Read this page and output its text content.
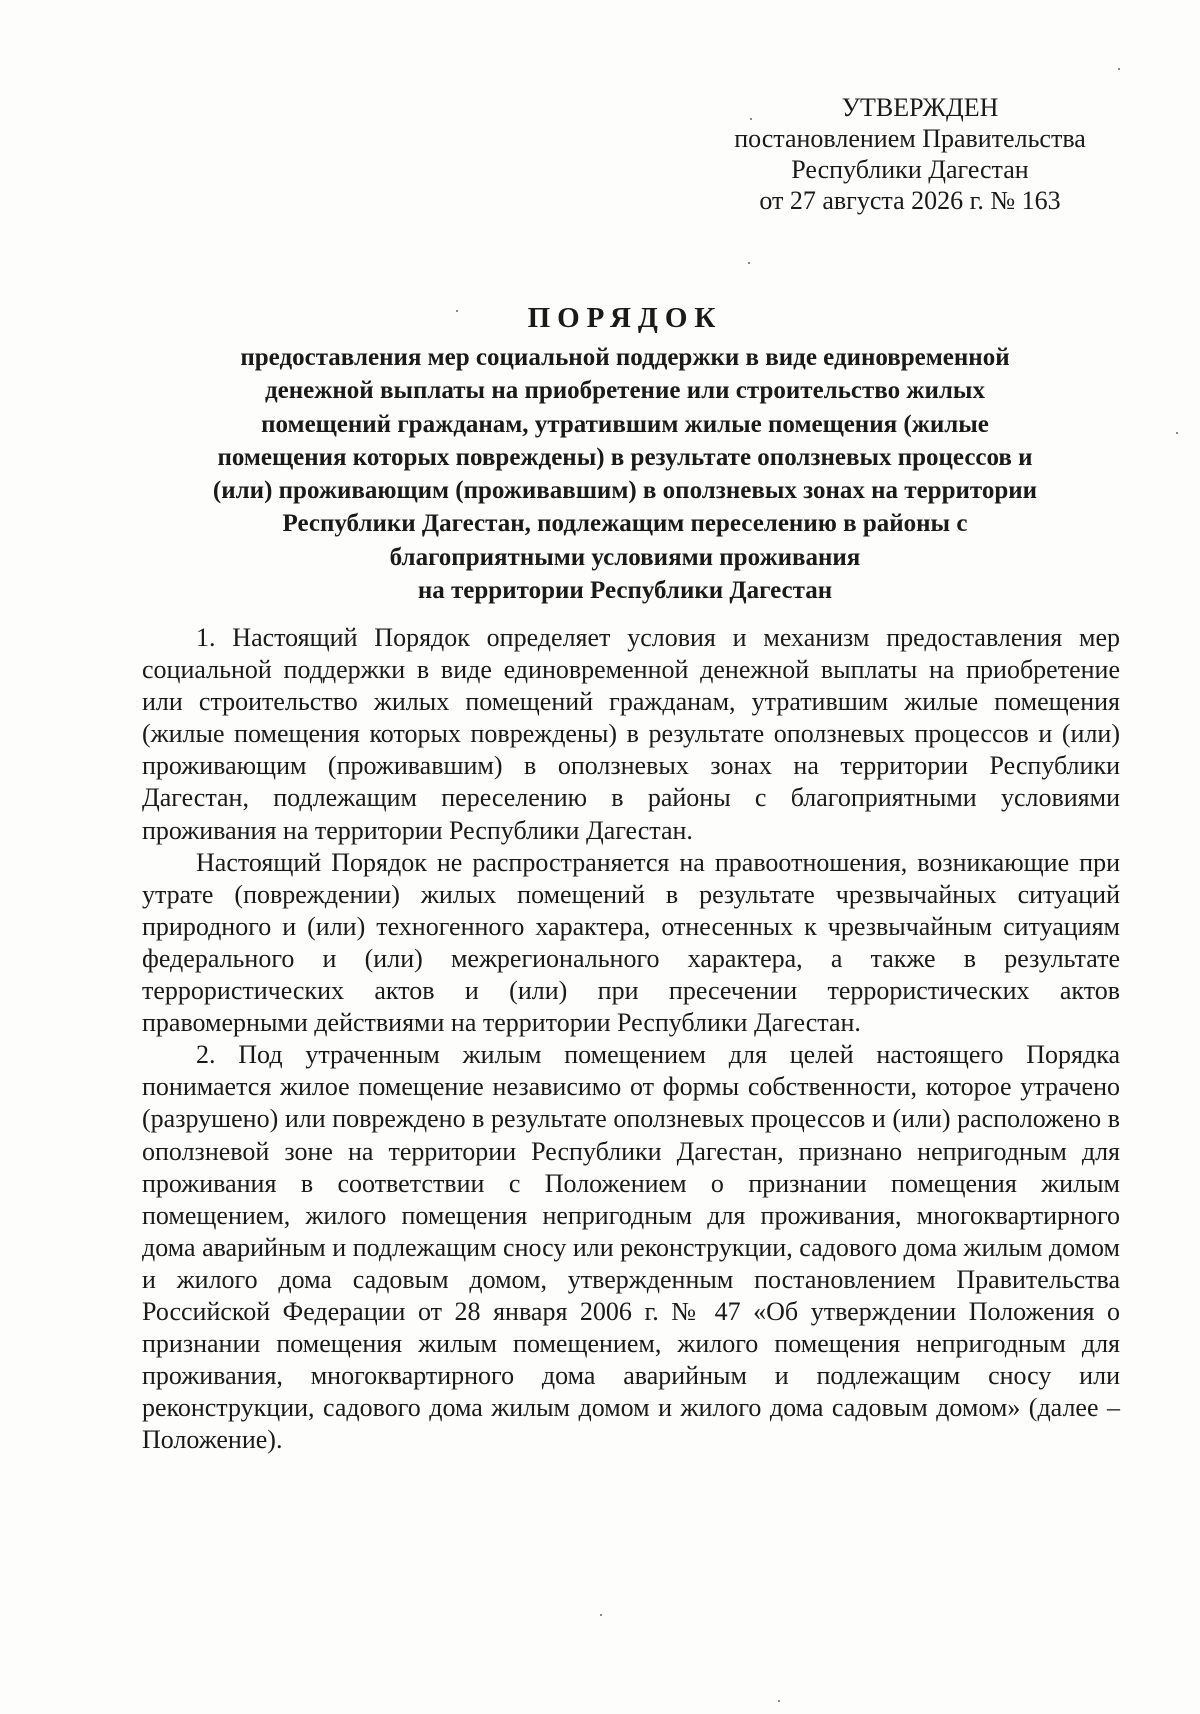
УТВЕРЖДЕН
постановлением Правительства
Республики Дагестан
от 27 августа 2026 г. № 163
ПОРЯДОК
предоставления мер социальной поддержки в виде единовременной
денежной выплаты на приобретение или строительство жилых
помещений гражданам, утратившим жилые помещения (жилые
помещения которых повреждены) в результате оползневых процессов и
(или) проживающим (проживавшим) в оползневых зонах на территории
Республики Дагестан, подлежащим переселению в районы с
благоприятными условиями проживания
на территории Республики Дагестан

1. Настоящий Порядок определяет условия и механизм предоставления мер социальной поддержки в виде единовременной денежной выплаты на приобретение или строительство жилых помещений гражданам, утратившим жилые помещения (жилые помещения которых повреждены) в результате оползневых процессов и (или) проживающим (проживавшим) в оползневых зонах на территории Республики Дагестан, подлежащим переселению в районы с благоприятными условиями проживания на территории Республики Дагестан.

Настоящий Порядок не распространяется на правоотношения, возникающие при утрате (повреждении) жилых помещений в результате чрезвычайных ситуаций природного и (или) техногенного характера, отнесенных к чрезвычайным ситуациям федерального и (или) межрегионального характера, а также в результате террористических актов и (или) при пресечении террористических актов правомерными действиями на территории Республики Дагестан.

2. Под утраченным жилым помещением для целей настоящего Порядка понимается жилое помещение независимо от формы собственности, которое утрачено (разрушено) или повреждено в результате оползневых процессов и (или) расположено в оползневой зоне на территории Республики Дагестан, признано непригодным для проживания в соответствии с Положением о признании помещения жилым помещением, жилого помещения непригодным для проживания, многоквартирного дома аварийным и подлежащим сносу или реконструкции, садового дома жилым домом и жилого дома садовым домом, утвержденным постановлением Правительства Российской Федерации от 28 января 2006 г. № 47 «Об утверждении Положения о признании помещения жилым помещением, жилого помещения непригодным для проживания, многоквартирного дома аварийным и подлежащим сносу или реконструкции, садового дома жилым домом и жилого дома садовым домом» (далее – Положение).
